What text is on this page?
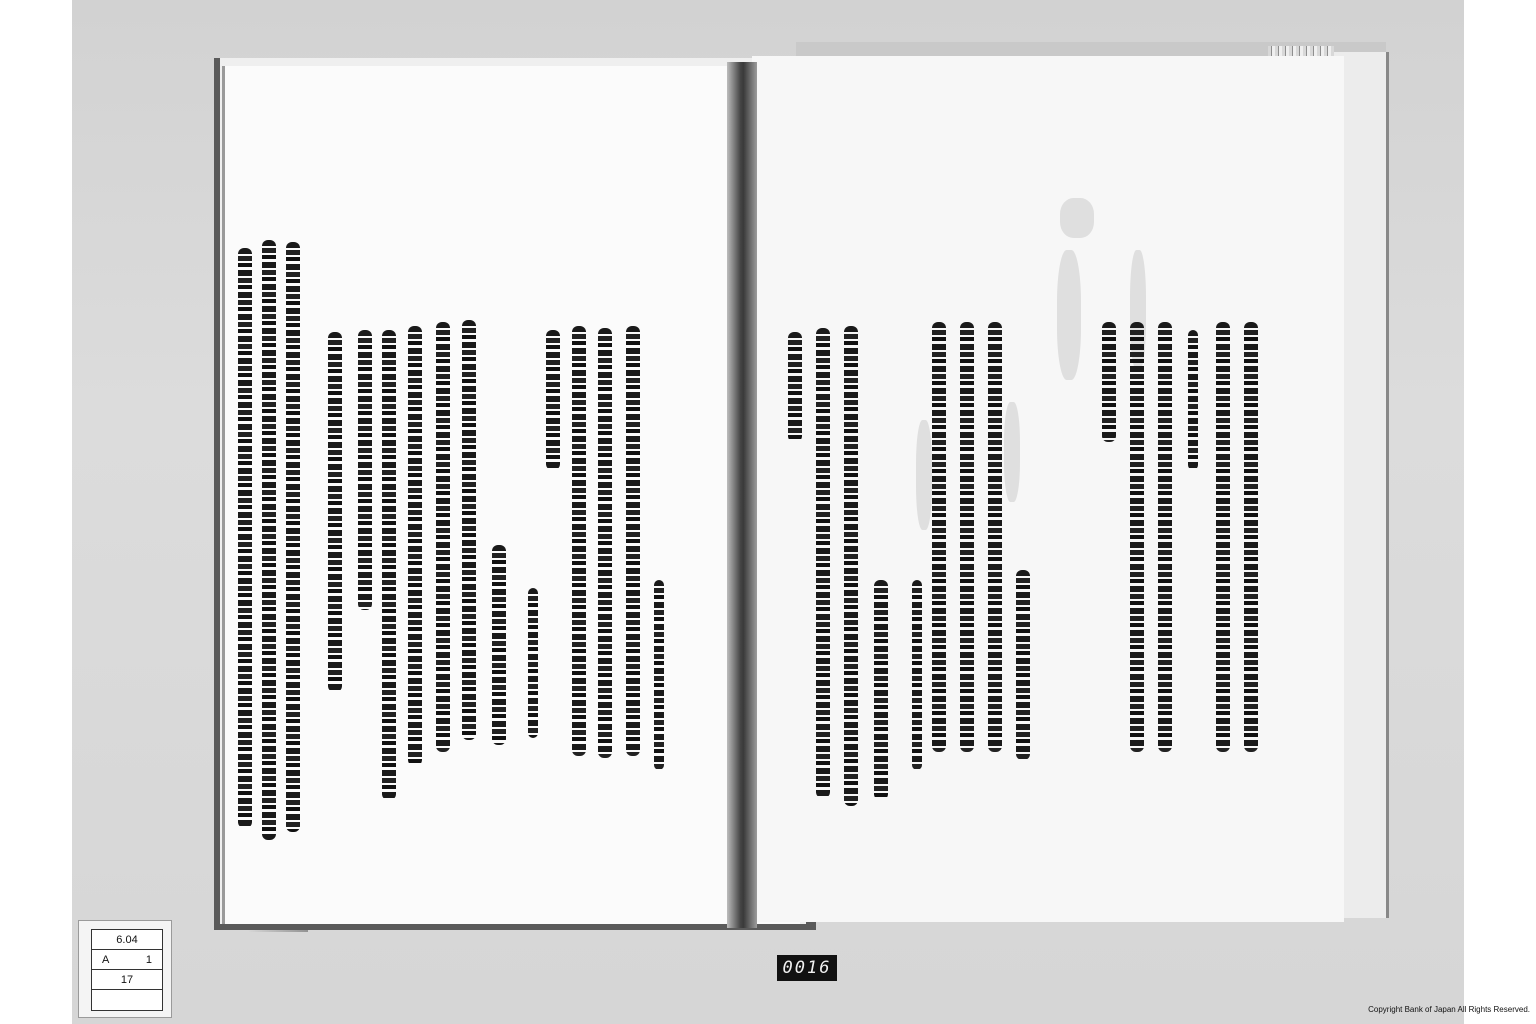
6.04
A	1
17
0016
Copyright Bank of Japan All Rights Reserved.
